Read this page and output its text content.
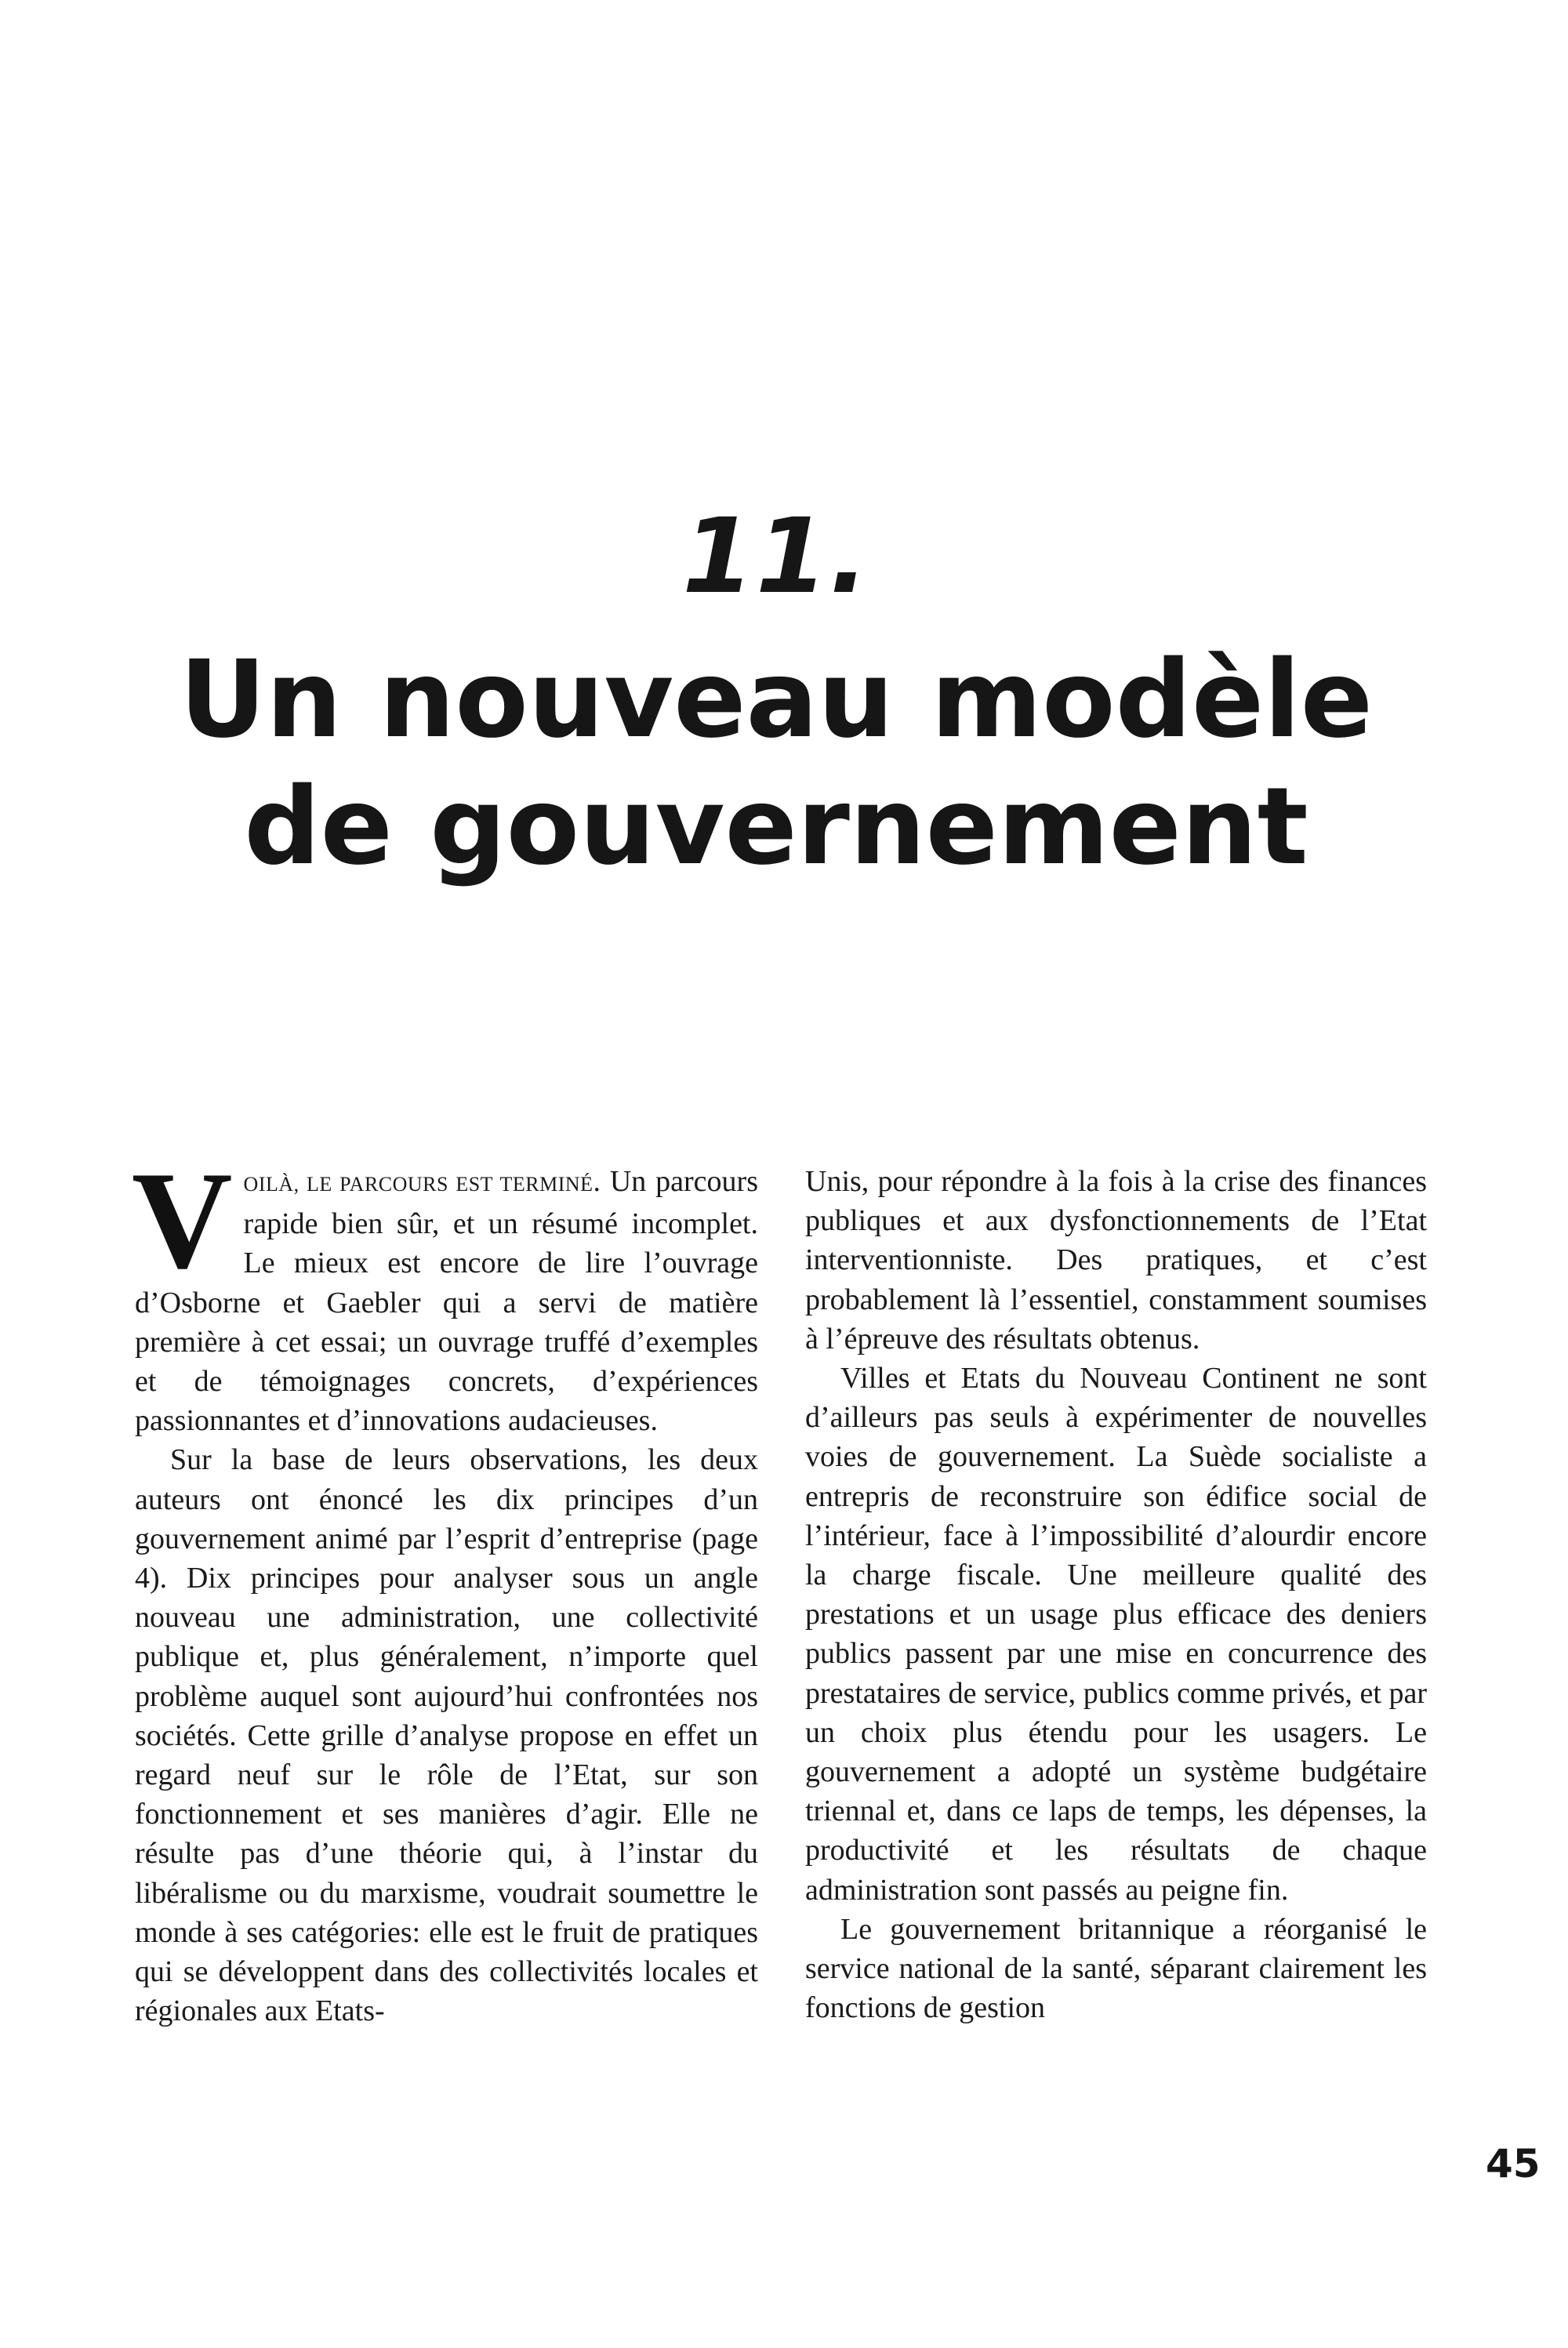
11.
Un nouveau modèle
de gouvernement

VOILÀ, LE PARCOURS EST TERMINÉ. Un parcours rapide bien sûr, et un résumé incomplet. Le mieux est encore de lire l’ouvrage d’Osborne et Gaebler qui a servi de matière première à cet essai; un ouvrage truffé d’exemples et de témoignages concrets, d’expériences passionnantes et d’innovations audacieuses.

Sur la base de leurs observations, les deux auteurs ont énoncé les dix principes d’un gouvernement animé par l’esprit d’entreprise (page 4). Dix principes pour analyser sous un angle nouveau une administration, une collectivité publique et, plus généralement, n’importe quel problème auquel sont aujourd’hui confrontées nos sociétés. Cette grille d’analyse propose en effet un regard neuf sur le rôle de l’Etat, sur son fonctionnement et ses manières d’agir. Elle ne résulte pas d’une théorie qui, à l’instar du libéralisme ou du marxisme, voudrait soumettre le monde à ses catégories: elle est le fruit de pratiques qui se développent dans des collectivités locales et régionales aux Etats-

Unis, pour répondre à la fois à la crise des finances publiques et aux dysfonctionnements de l’Etat interventionniste. Des pratiques, et c’est probablement là l’essentiel, constamment soumises à l’épreuve des résultats obtenus.

Villes et Etats du Nouveau Continent ne sont d’ailleurs pas seuls à expérimenter de nouvelles voies de gouvernement. La Suède socialiste a entrepris de reconstruire son édifice social de l’intérieur, face à l’impossibilité d’alourdir encore la charge fiscale. Une meilleure qualité des prestations et un usage plus efficace des deniers publics passent par une mise en concurrence des prestataires de service, publics comme privés, et par un choix plus étendu pour les usagers. Le gouvernement a adopté un système budgétaire triennal et, dans ce laps de temps, les dépenses, la productivité et les résultats de chaque administration sont passés au peigne fin.

Le gouvernement britannique a réorganisé le service national de la santé, séparant clairement les fonctions de gestion

45
